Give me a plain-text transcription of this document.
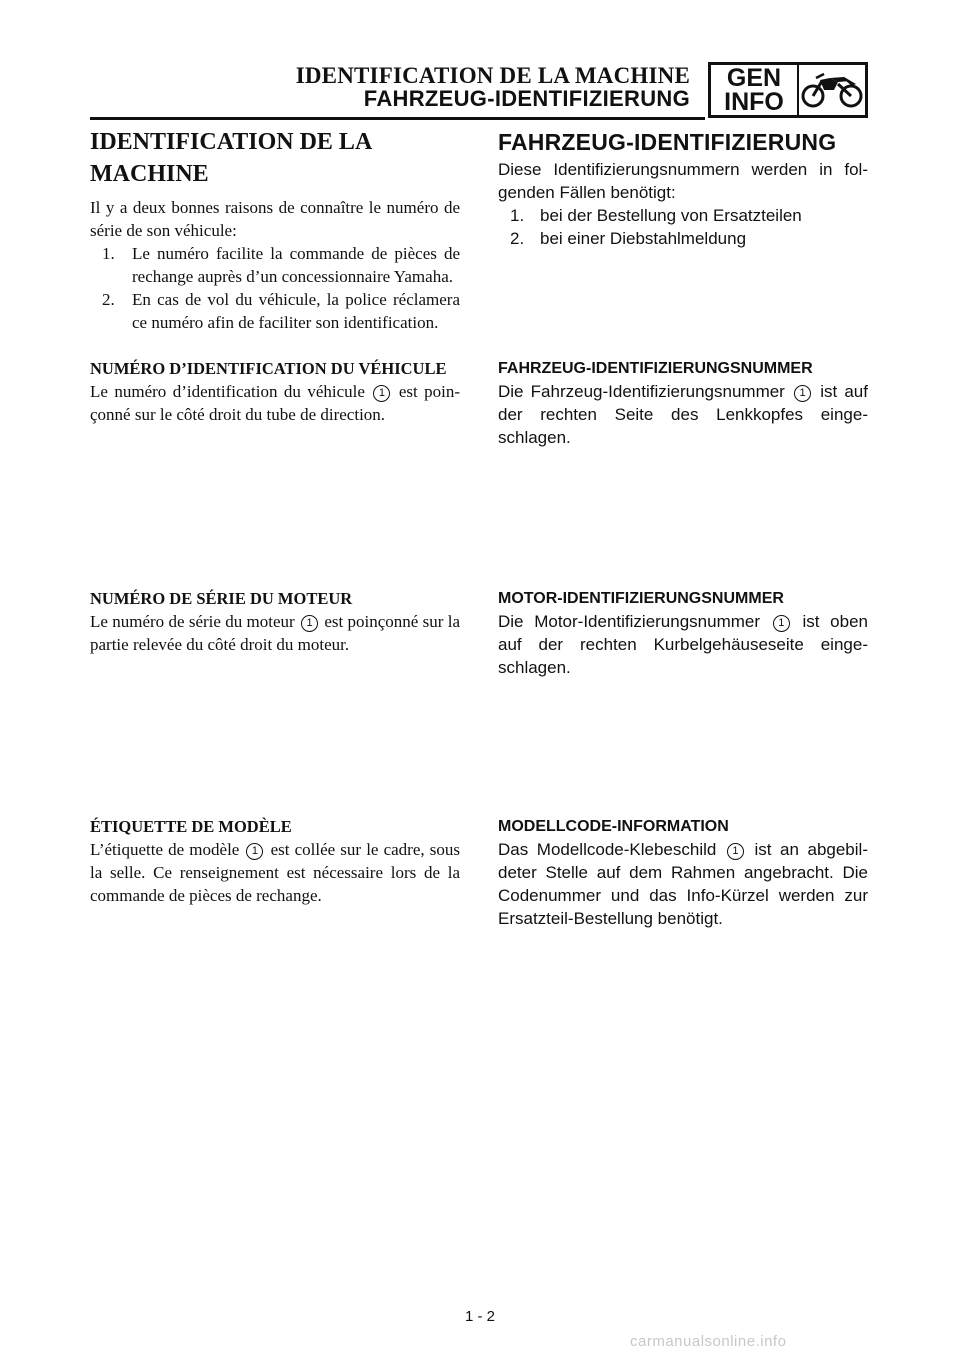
IDENTIFICATION DE LA MACHINE
FAHRZEUG-IDENTIFIZIERUNG
GEN
INFO
IDENTIFICATION DE LA MACHINE

Il y a deux bonnes raisons de connaître le numéro de série de son véhicule:

1. Le numéro facilite la commande de pièces de rechange auprès d’un concessionnaire Yamaha.
2. En cas de vol du véhicule, la police réclamera ce numéro afin de faciliter son identification.
NUMÉRO D’IDENTIFICATION DU VÉHICULE

Le numéro d’identification du véhicule 1 est poinçonné sur le côté droit du tube de direction.

NUMÉRO DE SÉRIE DU MOTEUR

Le numéro de série du moteur 1 est poinçonné sur la partie relevée du côté droit du moteur.

ÉTIQUETTE DE MODÈLE

L’étiquette de modèle 1 est collée sur le cadre, sous la selle. Ce renseignement est nécessaire lors de la commande de pièces de rechange.

FAHRZEUG-IDENTIFIZIERUNG

Diese Identifizierungsnummern werden in folgenden Fällen benötigt:

1. bei der Bestellung von Ersatzteilen
2. bei einer Diebstahlmeldung
FAHRZEUG-IDENTIFIZIERUNGSNUMMER

Die Fahrzeug-Identifizierungsnummer 1 ist auf der rechten Seite des Lenkkopfes eingeschlagen.

MOTOR-IDENTIFIZIERUNGSNUMMER

Die Motor-Identifizierungsnummer 1 ist oben auf der rechten Kurbelgehäuseseite eingeschlagen.

MODELLCODE-INFORMATION

Das Modellcode-Klebeschild 1 ist an abgebildeter Stelle auf dem Rahmen angebracht. Die Codenummer und das Info-Kürzel werden zur Ersatzteil-Bestellung benötigt.

1 - 2
carmanualsonline.info
